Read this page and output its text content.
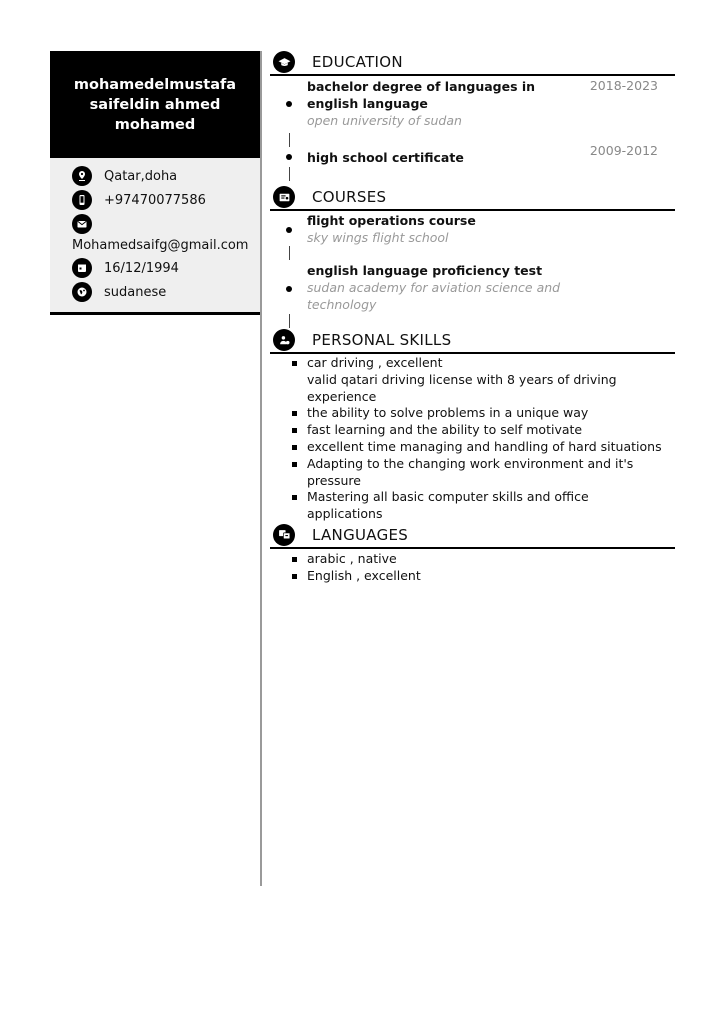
mohamedelmustafa saifeldin ahmed mohamed
Qatar,doha
+97470077586
Mohamedsaifg@gmail.com
16/12/1994
sudanese
EDUCATION
bachelor degree of languages in english language
open university of sudan
2018-2023
high school certificate	2009-2012
COURSES
flight operations course
sky wings flight school
english language proficiency test
sudan academy for aviation science and technology
PERSONAL SKILLS
car driving , excellent
valid qatari driving license with 8 years of driving experience
the ability to solve problems in a unique way
fast learning and the ability to self motivate
excellent time managing and handling of hard situations
Adapting to the changing work environment and it's pressure
Mastering all basic computer skills and office applications
LANGUAGES
arabic , native
English , excellent
